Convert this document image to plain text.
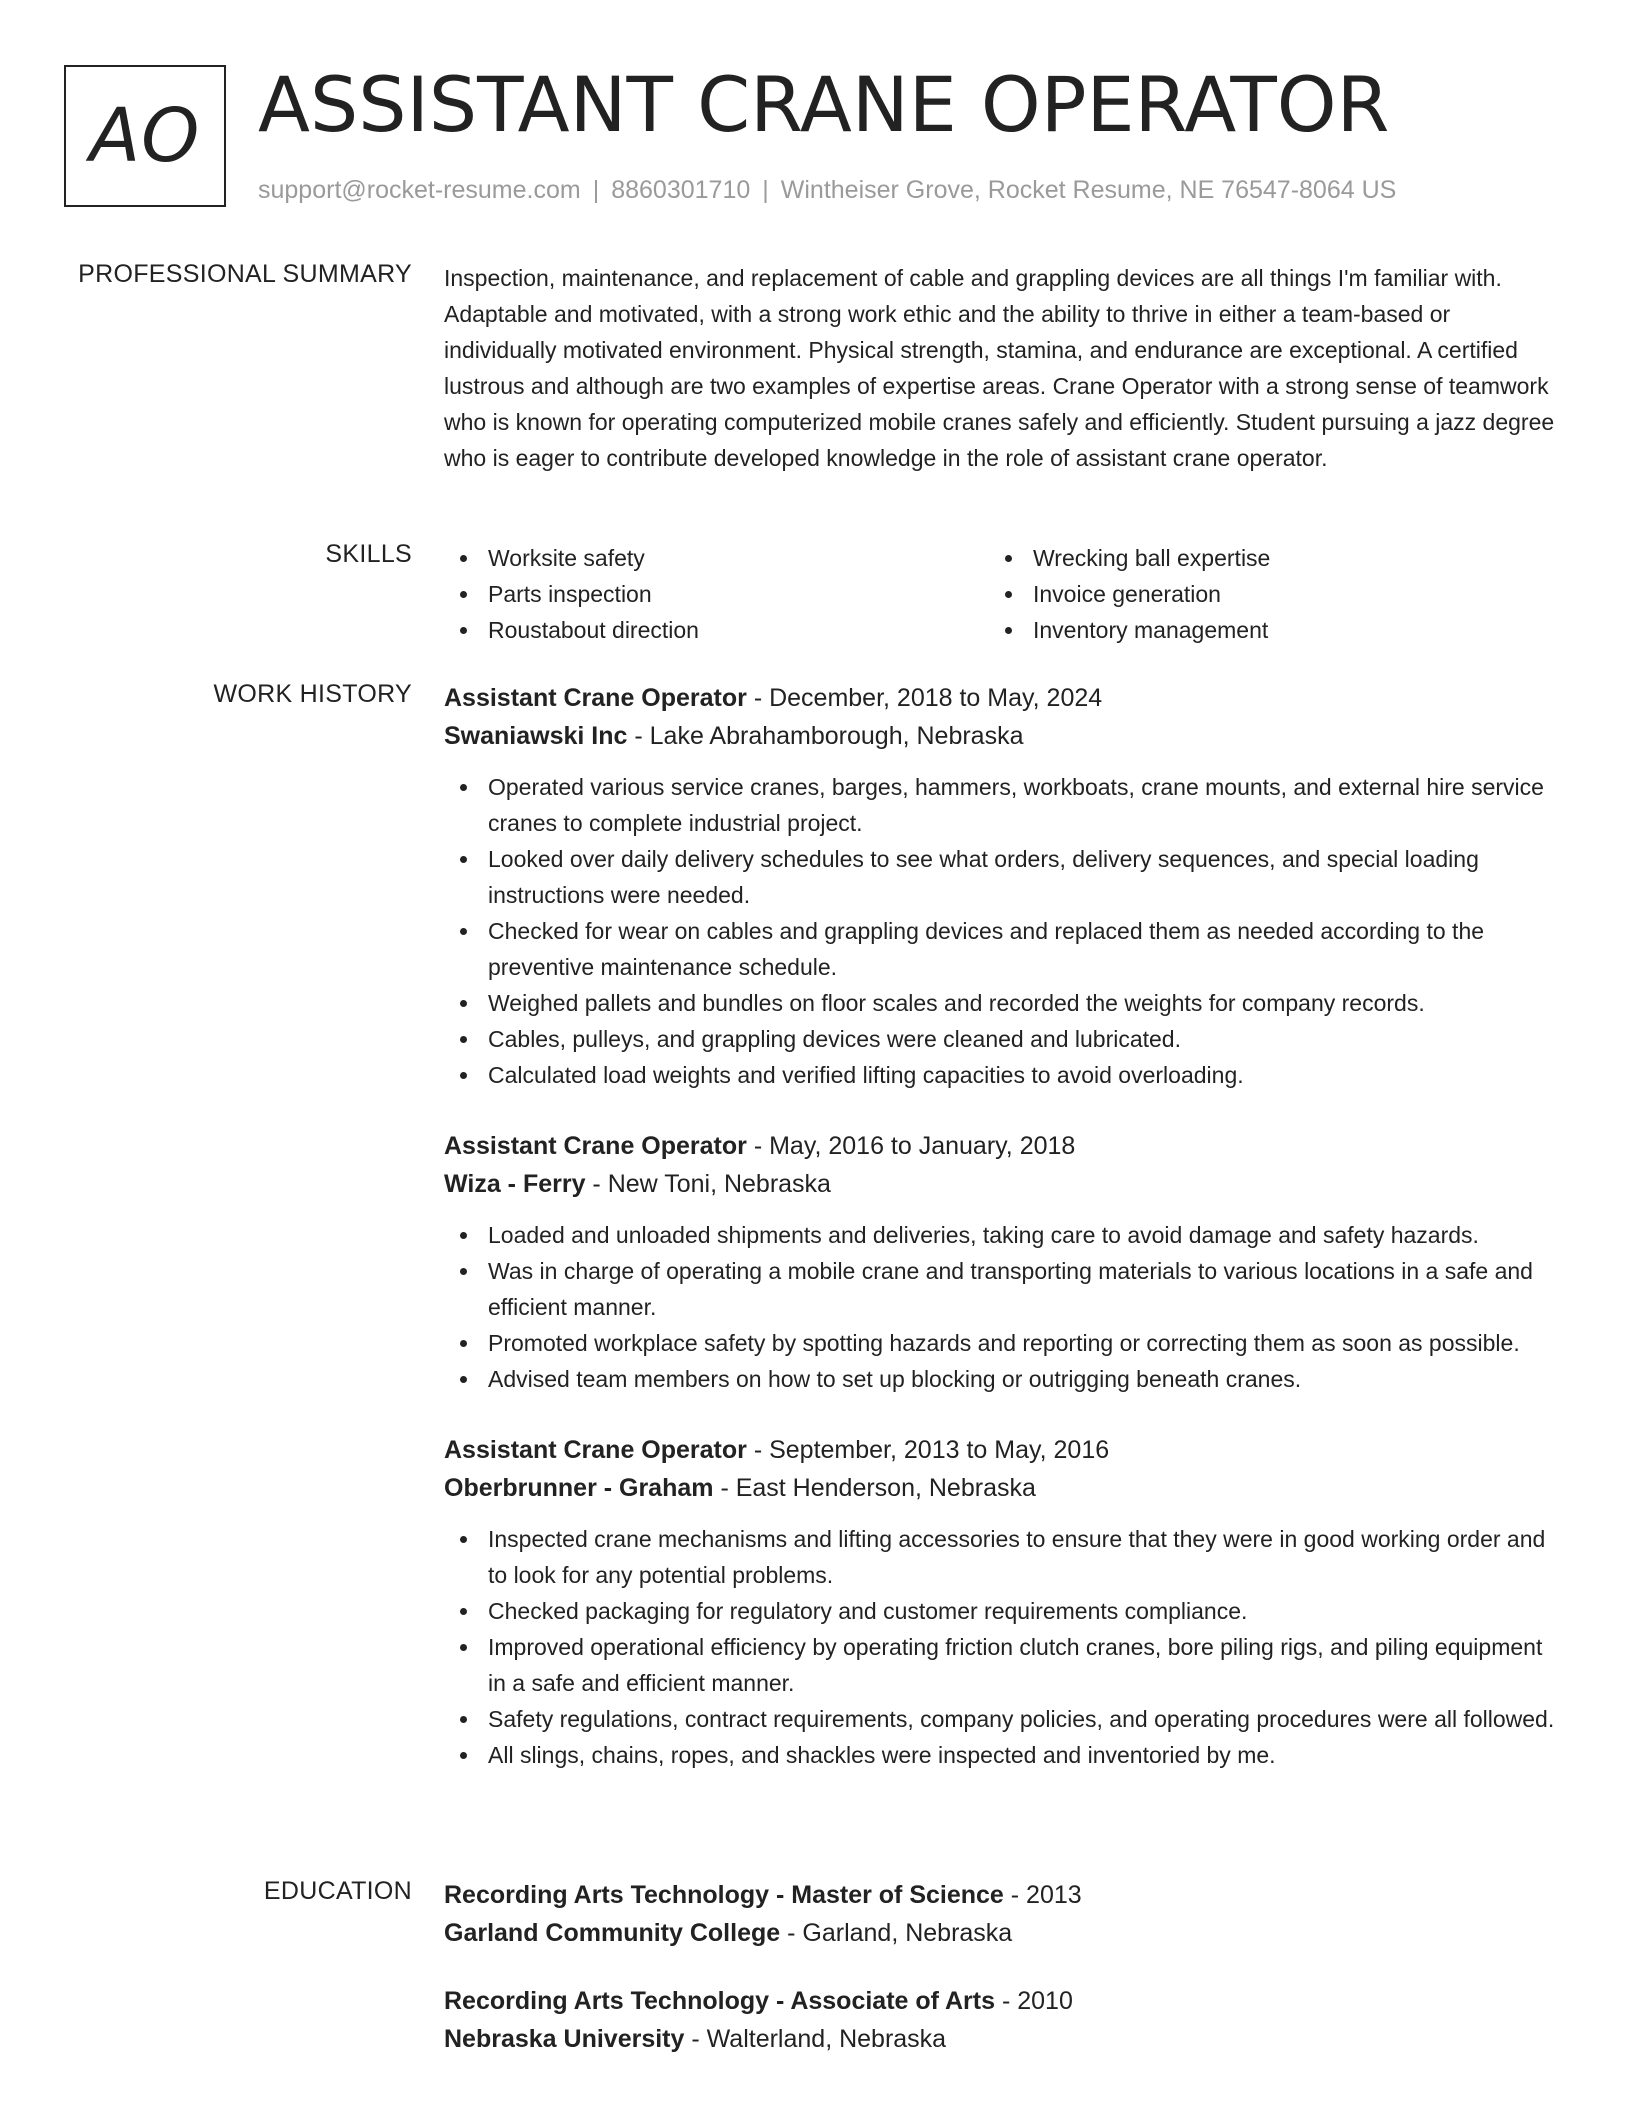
AO ASSISTANT CRANE OPERATOR
support@rocket-resume.com | 8860301710 | Wintheiser Grove, Rocket Resume, NE 76547-8064 US
PROFESSIONAL SUMMARY Inspection, maintenance, and replacement of cable and grappling devices are all things I'm familiar with. Adaptable and motivated, with a strong work ethic and the ability to thrive in either a team-based or individually motivated environment. Physical strength, stamina, and endurance are exceptional. A certified lustrous and although are two examples of expertise areas. Crane Operator with a strong sense of teamwork who is known for operating computerized mobile cranes safely and efficiently. Student pursuing a jazz degree who is eager to contribute developed knowledge in the role of assistant crane operator.
SKILLS	Worksite safety
Parts inspection
Roustabout direction
Wrecking ball expertise
Invoice generation
Inventory management
WORK HISTORY Assistant Crane Operator - December, 2018 to May, 2024
Swaniawski Inc - Lake Abrahamborough, Nebraska
Operated various service cranes, barges, hammers, workboats, crane mounts, and external hire service cranes to complete industrial project.
Looked over daily delivery schedules to see what orders, delivery sequences, and special loading instructions were needed.
Checked for wear on cables and grappling devices and replaced them as needed according to the preventive maintenance schedule.
Weighed pallets and bundles on floor scales and recorded the weights for company records.
Cables, pulleys, and grappling devices were cleaned and lubricated.
Calculated load weights and verified lifting capacities to avoid overloading.
Assistant Crane Operator - May, 2016 to January, 2018
Wiza - Ferry - New Toni, Nebraska
Loaded and unloaded shipments and deliveries, taking care to avoid damage and safety hazards.
Was in charge of operating a mobile crane and transporting materials to various locations in a safe and efficient manner.
Promoted workplace safety by spotting hazards and reporting or correcting them as soon as possible.
Advised team members on how to set up blocking or outrigging beneath cranes.
Assistant Crane Operator - September, 2013 to May, 2016
Oberbrunner - Graham - East Henderson, Nebraska
Inspected crane mechanisms and lifting accessories to ensure that they were in good working order and to look for any potential problems.
Checked packaging for regulatory and customer requirements compliance.
Improved operational efficiency by operating friction clutch cranes, bore piling rigs, and piling equipment in a safe and efficient manner.
Safety regulations, contract requirements, company policies, and operating procedures were all followed.
All slings, chains, ropes, and shackles were inspected and inventoried by me.
EDUCATION Recording Arts Technology - Master of Science - 2013
Garland Community College - Garland, Nebraska
Recording Arts Technology - Associate of Arts - 2010
Nebraska University - Walterland, Nebraska
